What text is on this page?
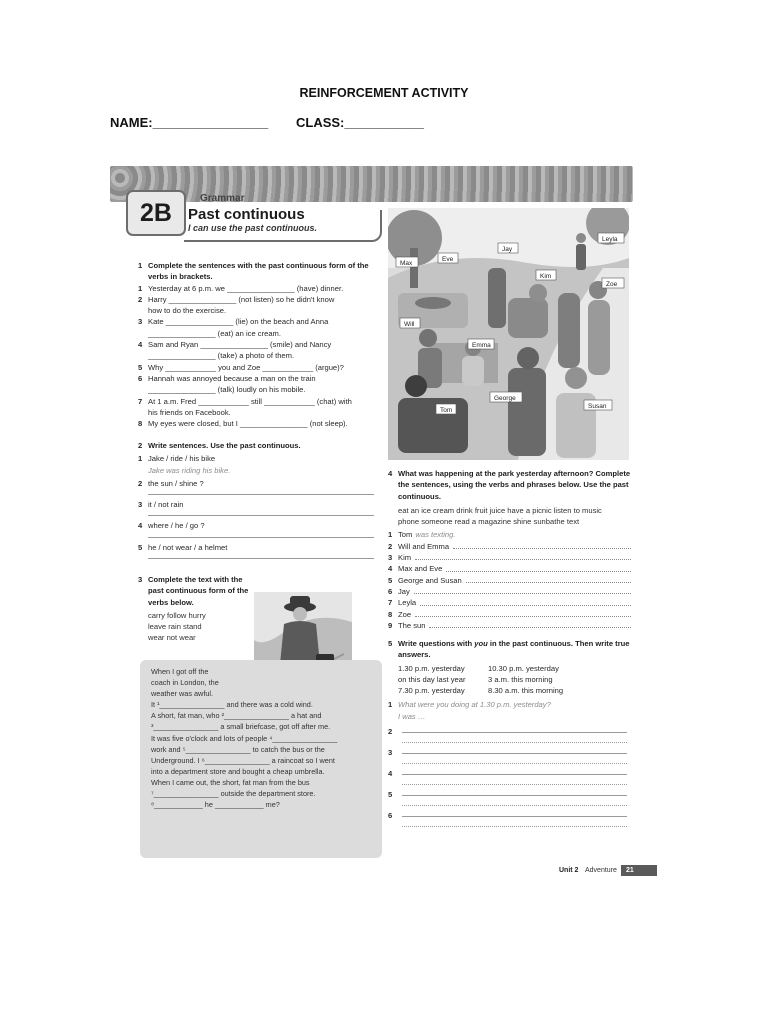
REINFORCEMENT ACTIVITY
NAME:________________ CLASS:___________
2B
Grammar
Past continuous
I can use the past continuous.
1 Complete the sentences with the past continuous form of the verbs in brackets.
1 Yesterday at 6 p.m. we ________________ (have) dinner.
2 Harry ________________ (not listen) so he didn't know
how to do the exercise.
3 Kate ________________ (lie) on the beach and Anna
________________ (eat) an ice cream.
4 Sam and Ryan ________________ (smile) and Nancy
________________ (take) a photo of them.
5 Why ____________ you and Zoe ____________ (argue)?
6 Hannah was annoyed because a man on the train
________________ (talk) loudly on his mobile.
7 At 1 a.m. Fred ____________ still ____________ (chat) with
his friends on Facebook.
8 My eyes were closed, but I ________________ (not sleep).
2 Write sentences. Use the past continuous.
1 Jake / ride / his bike
Jake was riding his bike.
2 the sun / shine ?
3 it / not rain
4 where / he / go ?
5 he / not wear / a helmet
3 Complete the text with the past continuous form of the verbs below.
carry follow hurry
leave rain stand
wear not wear
When I got off the
coach in London, the
weather was awful.
It ¹________________ and there was a cold wind.
A short, fat man, who ²________________ a hat and
³________________ a small briefcase, got off after me.
It was five o'clock and lots of people ⁴________________
work and ⁵________________ to catch the bus or the
Underground. I ⁶________________ a raincoat so I went
into a department store and bought a cheap umbrella.
When I came out, the short, fat man from the bus
⁷________________ outside the department store.
⁸____________ he ____________ me?
Jay
Leyla
Max
Eve
Kim
Zoe
Will
Emma
George
Tom
Susan
4 What was happening at the park yesterday afternoon? Complete the sentences, using the verbs and phrases below. Use the past continuous.
eat an ice cream drink fruit juice have a picnic listen to music
phone someone read a magazine shine sunbathe text
1 Tom was texting.
2 Will and Emma
3 Kim
4 Max and Eve
5 George and Susan
6 Jay
7 Leyla
8 Zoe
9 The sun
5 Write questions with you in the past continuous. Then write true answers.
1.30 p.m. yesterday
on this day last year
7.30 p.m. yesterday
10.30 p.m. yesterday
3 a.m. this morning
8.30 a.m. this morning
1 What were you doing at 1.30 p.m. yesterday?
I was …
2
3
4
5
6
Unit 2 Adventure	21
